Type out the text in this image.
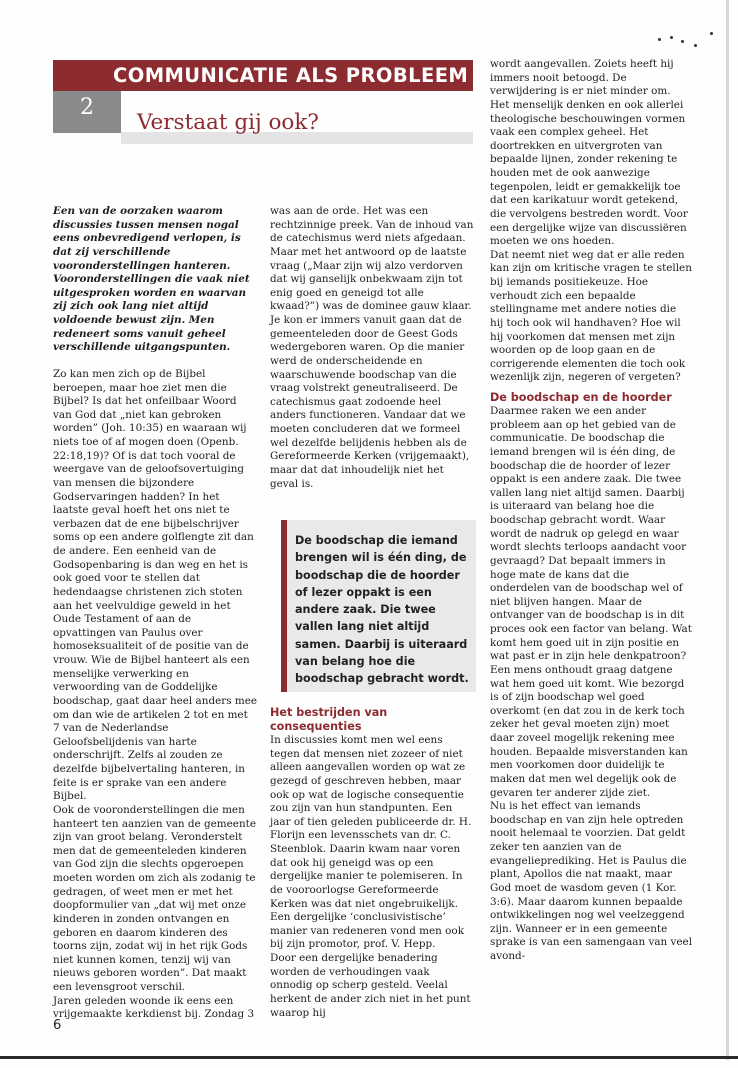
COMMUNICATIE ALS PROBLEEM
2
Verstaat gij ook?

Een van de oorzaken waarom discussies tussen mensen nogal eens onbevredigend verlopen, is dat zij verschillende vooronderstellingen hanteren. Vooronderstellingen die vaak niet uitgesproken worden en waarvan zij zich ook lang niet altijd voldoende bewust zijn. Men redeneert soms vanuit geheel verschillende uitgangspunten.

Zo kan men zich op de Bijbel beroepen, maar hoe ziet men die Bijbel? Is dat het onfeilbaar Woord van God dat „niet kan gebroken worden” (Joh. 10:35) en waaraan wij niets toe of af mogen doen (Openb. 22:18,19)? Of is dat toch vooral de weergave van de geloofsovertuiging van mensen die bijzondere Godservaringen hadden? In het laatste geval hoeft het ons niet te verbazen dat de ene bijbelschrijver soms op een andere golflengte zit dan de andere. Een eenheid van de Godsopenbaring is dan weg en het is ook goed voor te stellen dat hedendaagse christenen zich stoten aan het veelvuldige geweld in het Oude Testament of aan de opvattingen van Paulus over homoseksualiteit of de positie van de vrouw. Wie de Bijbel hanteert als een menselijke verwerking en verwoording van de Goddelijke boodschap, gaat daar heel anders mee om dan wie de artikelen 2 tot en met 7 van de Nederlandse Geloofsbelijdenis van harte onderschrijft. Zelfs al zouden ze dezelfde bijbelvertaling hanteren, in feite is er sprake van een andere Bijbel.

Ook de vooronderstellingen die men hanteert ten aanzien van de gemeente zijn van groot belang. Veronderstelt men dat de gemeenteleden kinderen van God zijn die slechts opgeroepen moeten worden om zich als zodanig te gedragen, of weet men er met het doopformulier van „dat wij met onze kinderen in zonden ontvangen en geboren en daarom kinderen des toorns zijn, zodat wij in het rijk Gods niet kunnen komen, tenzij wij van nieuws geboren worden”. Dat maakt een levensgroot verschil.

Jaren geleden woonde ik eens een vrijgemaakte kerkdienst bij. Zondag 3

was aan de orde. Het was een rechtzinnige preek. Van de inhoud van de catechismus werd niets afgedaan. Maar met het antwoord op de laatste vraag („Maar zijn wij alzo verdorven dat wij ganselijk onbekwaam zijn tot enig goed en geneigd tot alle kwaad?”) was de dominee gauw klaar. Je kon er immers vanuit gaan dat de gemeenteleden door de Geest Gods wedergeboren waren. Op die manier werd de onderscheidende en waarschuwende boodschap van die vraag volstrekt geneutraliseerd. De catechismus gaat zodoende heel anders functioneren. Vandaar dat we moeten concluderen dat we formeel wel dezelfde belijdenis hebben als de Gereformeerde Kerken (vrijgemaakt), maar dat dat inhoudelijk niet het geval is.

De boodschap die iemand brengen wil is één ding, de boodschap die de hoorder of lezer oppakt is een andere zaak. Die twee vallen lang niet altijd samen. Daarbij is uiteraard van belang hoe die boodschap gebracht wordt.

Het bestrijden van consequenties

In discussies komt men wel eens tegen dat mensen niet zozeer of niet alleen aangevallen worden op wat ze gezegd of geschreven hebben, maar ook op wat de logische consequentie zou zijn van hun standpunten. Een jaar of tien geleden publiceerde dr. H. Florijn een levensschets van dr. C. Steenblok. Daarin kwam naar voren dat ook hij geneigd was op een dergelijke manier te polemiseren. In de vooroorlogse Gereformeerde Kerken was dat niet ongebruikelijk. Een dergelijke ‘conclusivistische’ manier van redeneren vond men ook bij zijn promotor, prof. V. Hepp.

Door een dergelijke benadering worden de verhoudingen vaak onnodig op scherp gesteld. Veelal herkent de ander zich niet in het punt waarop hij

wordt aangevallen. Zoiets heeft hij immers nooit betoogd. De verwijdering is er niet minder om. Het menselijk denken en ook allerlei theologische beschouwingen vormen vaak een complex geheel. Het doortrekken en uitvergroten van bepaalde lijnen, zonder rekening te houden met de ook aanwezige tegenpolen, leidt er gemakkelijk toe dat een karikatuur wordt getekend, die vervolgens bestreden wordt. Voor een dergelijke wijze van discussiëren moeten we ons hoeden.

Dat neemt niet weg dat er alle reden kan zijn om kritische vragen te stellen bij iemands positiekeuze. Hoe verhoudt zich een bepaalde stellingname met andere noties die hij toch ook wil handhaven? Hoe wil hij voorkomen dat mensen met zijn woorden op de loop gaan en de corrigerende elementen die toch ook wezenlijk zijn, negeren of vergeten?

De boodschap en de hoorder

Daarmee raken we een ander probleem aan op het gebied van de communicatie. De boodschap die iemand brengen wil is één ding, de boodschap die de hoorder of lezer oppakt is een andere zaak. Die twee vallen lang niet altijd samen. Daarbij is uiteraard van belang hoe die boodschap gebracht wordt. Waar wordt de nadruk op gelegd en waar wordt slechts terloops aandacht voor gevraagd? Dat bepaalt immers in hoge mate de kans dat die onderdelen van de boodschap wel of niet blijven hangen. Maar de ontvanger van de boodschap is in dit proces ook een factor van belang. Wat komt hem goed uit in zijn positie en wat past er in zijn hele denkpatroon? Een mens onthoudt graag datgene wat hem goed uit komt. Wie bezorgd is of zijn boodschap wel goed overkomt (en dat zou in de kerk toch zeker het geval moeten zijn) moet daar zoveel mogelijk rekening mee houden. Bepaalde misverstanden kan men voorkomen door duidelijk te maken dat men wel degelijk ook de gevaren ter anderer zijde ziet.

Nu is het effect van iemands boodschap en van zijn hele optreden nooit helemaal te voorzien. Dat geldt zeker ten aanzien van de evangelieprediking. Het is Paulus die plant, Apollos die nat maakt, maar God moet de wasdom geven (1 Kor. 3:6). Maar daarom kunnen bepaalde ontwikkelingen nog wel veelzeggend zijn. Wanneer er in een gemeente sprake is van een samengaan van veel avond-

6
